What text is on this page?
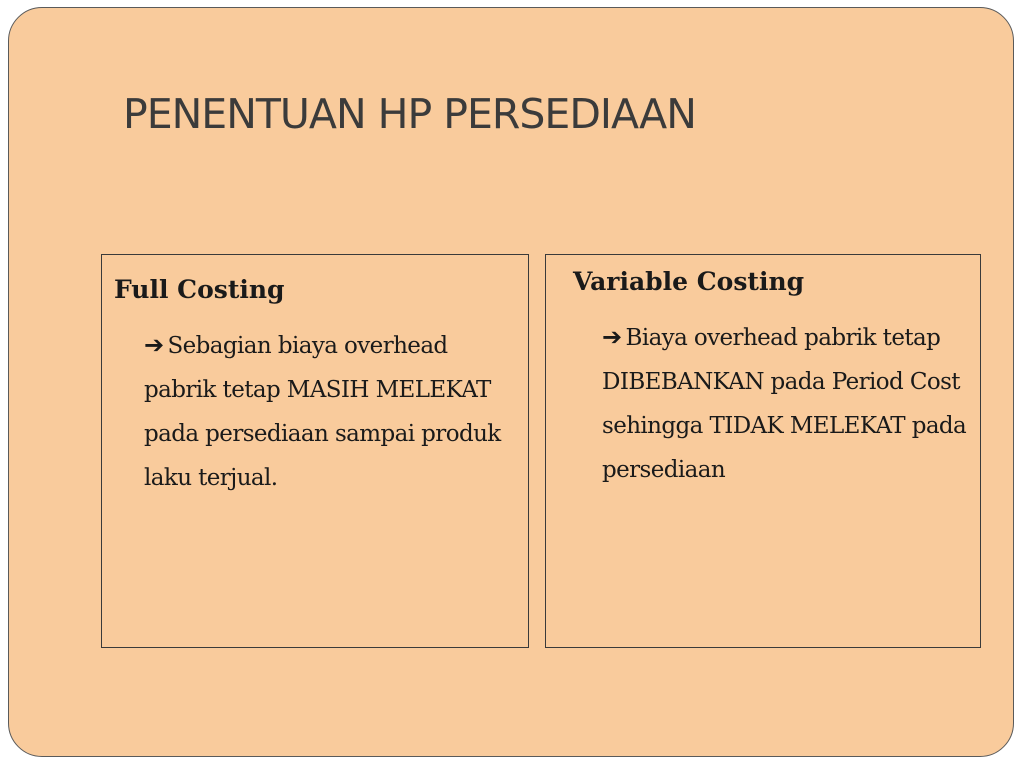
PENENTUAN HP PERSEDIAAN

Full Costing

➔ Sebagian biaya overhead pabrik tetap MASIH MELEKAT pada persediaan sampai produk laku terjual.

Variable Costing

➔ Biaya overhead pabrik tetap DIBEBANKAN pada Period Cost sehingga TIDAK MELEKAT pada persediaan
